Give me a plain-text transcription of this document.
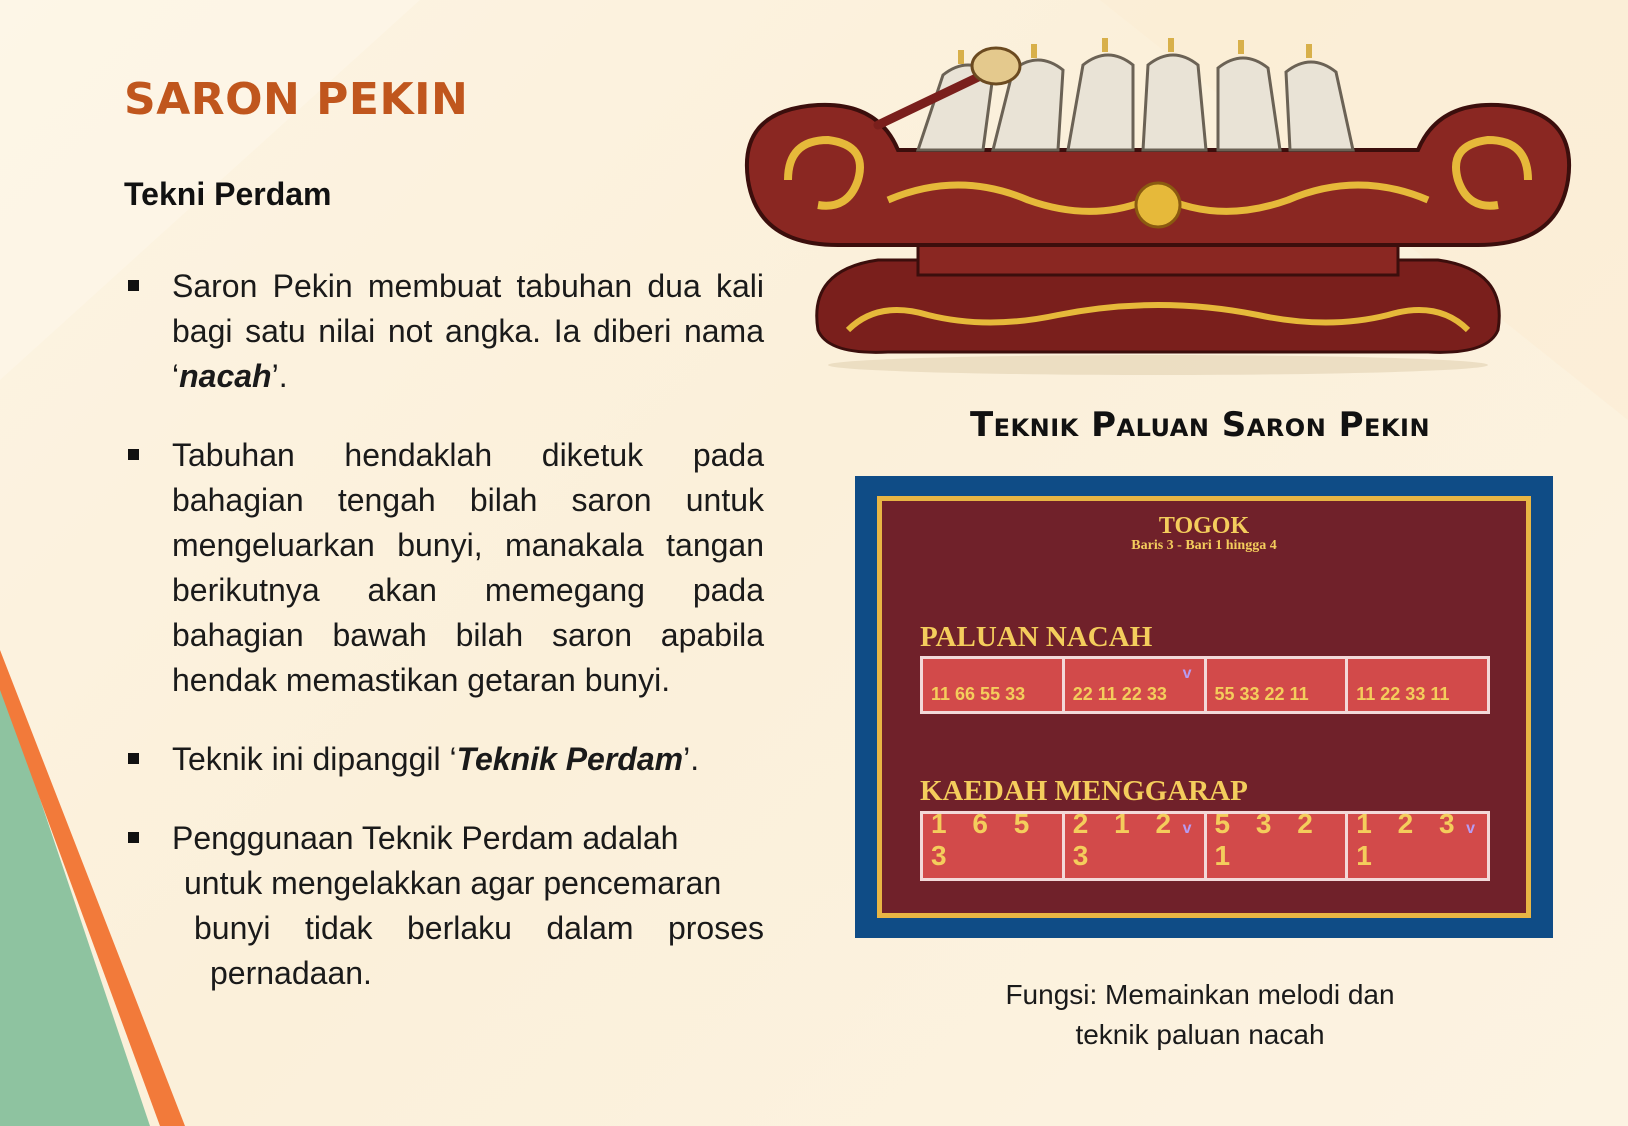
SARON PEKIN
Tekni Perdam
Saron Pekin membuat tabuhan dua kali bagi satu nilai not angka. Ia diberi nama ‘nacah’.
Tabuhan hendaklah diketuk pada bahagian tengah bilah saron untuk mengeluarkan bunyi, manakala tangan berikutnya akan memegang pada bahagian bawah bilah saron apabila hendak memastikan getaran bunyi.
Teknik ini dipanggil ‘Teknik Perdam’.
Penggunaan Teknik Perdam adalah
untuk mengelakkan agar pencemaran
bunyi tidak berlaku dalam proses
pernadaan.
Teknik Paluan Saron Pekin
TOGOK
Baris 3 - Bari 1 hingga 4
PALUAN NACAH
11 66 55 33	22 11 22 33
v
55 33 22 11	11 22 33 11
KAEDAH MENGGARAP
1 6 5 3
2 1 2 3
v 5 3 2 1
1 2 3 1
v
Fungsi: Memainkan melodi dan
teknik paluan nacah
